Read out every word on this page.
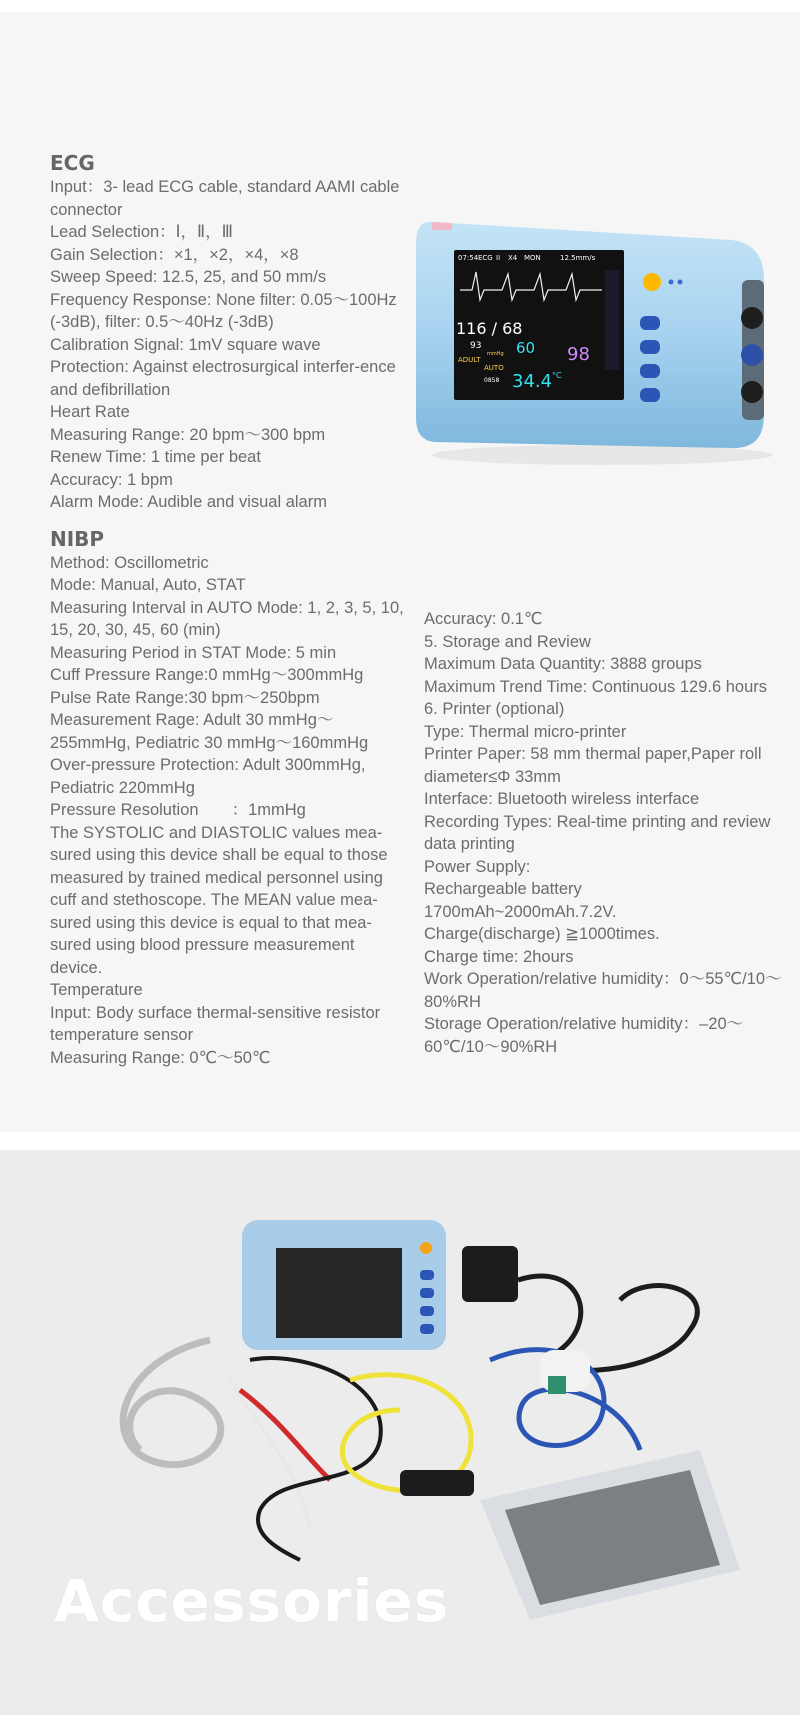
ECG
Input：3- lead ECG cable, standard AAMI cable connector
Lead Selection：Ⅰ，Ⅱ，Ⅲ
Gain Selection：×1，×2，×4，×8
Sweep Speed: 12.5, 25, and 50 mm/s
Frequency Response: None filter: 0.05～100Hz (-3dB), filter: 0.5～40Hz (-3dB)
Calibration Signal: 1mV square wave
Protection: Against electrosurgical interfer-ence and defibrillation
Heart Rate
Measuring Range: 20 bpm～300 bpm
Renew Time: 1 time per beat
Accuracy: 1 bpm
Alarm Mode: Audible and visual alarm
NIBP
Method: Oscillometric
Mode: Manual, Auto, STAT
Measuring Interval in AUTO Mode: 1, 2, 3, 5, 10, 15, 20, 30, 45, 60 (min)
Measuring Period in STAT Mode: 5 min
Cuff Pressure Range:0 mmHg～300mmHg
Pulse Rate Range:30 bpm～250bpm
Measurement Rage: Adult 30 mmHg～255mmHg, Pediatric 30 mmHg～160mmHg
Over-pressure Protection: Adult 300mmHg, Pediatric 220mmHg
Pressure Resolution　　：1mmHg
The SYSTOLIC and DIASTOLIC values mea-sured using this device shall be equal to those measured by trained medical personnel using cuff and stethoscope. The MEAN value mea-sured using this device is equal to that mea-sured using blood pressure measurement device.
Temperature
Input: Body surface thermal-sensitive resistor temperature sensor
Measuring Range: 0℃～50℃
Accuracy: 0.1℃
5. Storage and Review
Maximum Data Quantity: 3888 groups
Maximum Trend Time: Continuous 129.6 hours
6. Printer (optional)
Type: Thermal micro-printer
Printer Paper: 58 mm thermal paper,Paper roll diameter≤Φ 33mm
Interface: Bluetooth wireless interface
Recording Types: Real-time printing and review data printing
Power Supply:
Rechargeable battery
1700mAh~2000mAh.7.2V.
Charge(discharge) ≧1000times.
Charge time: 2hours
Work Operation/relative humidity：0～55℃/10～80%RH
Storage Operation/relative humidity：–20～60℃/10～90%RH
07:54 ECG II X4 MON	12.5mm/s
116 / 68
93
mmHg
ADULT
AUTO
0858
60
34.4 °C
98
Accessories
